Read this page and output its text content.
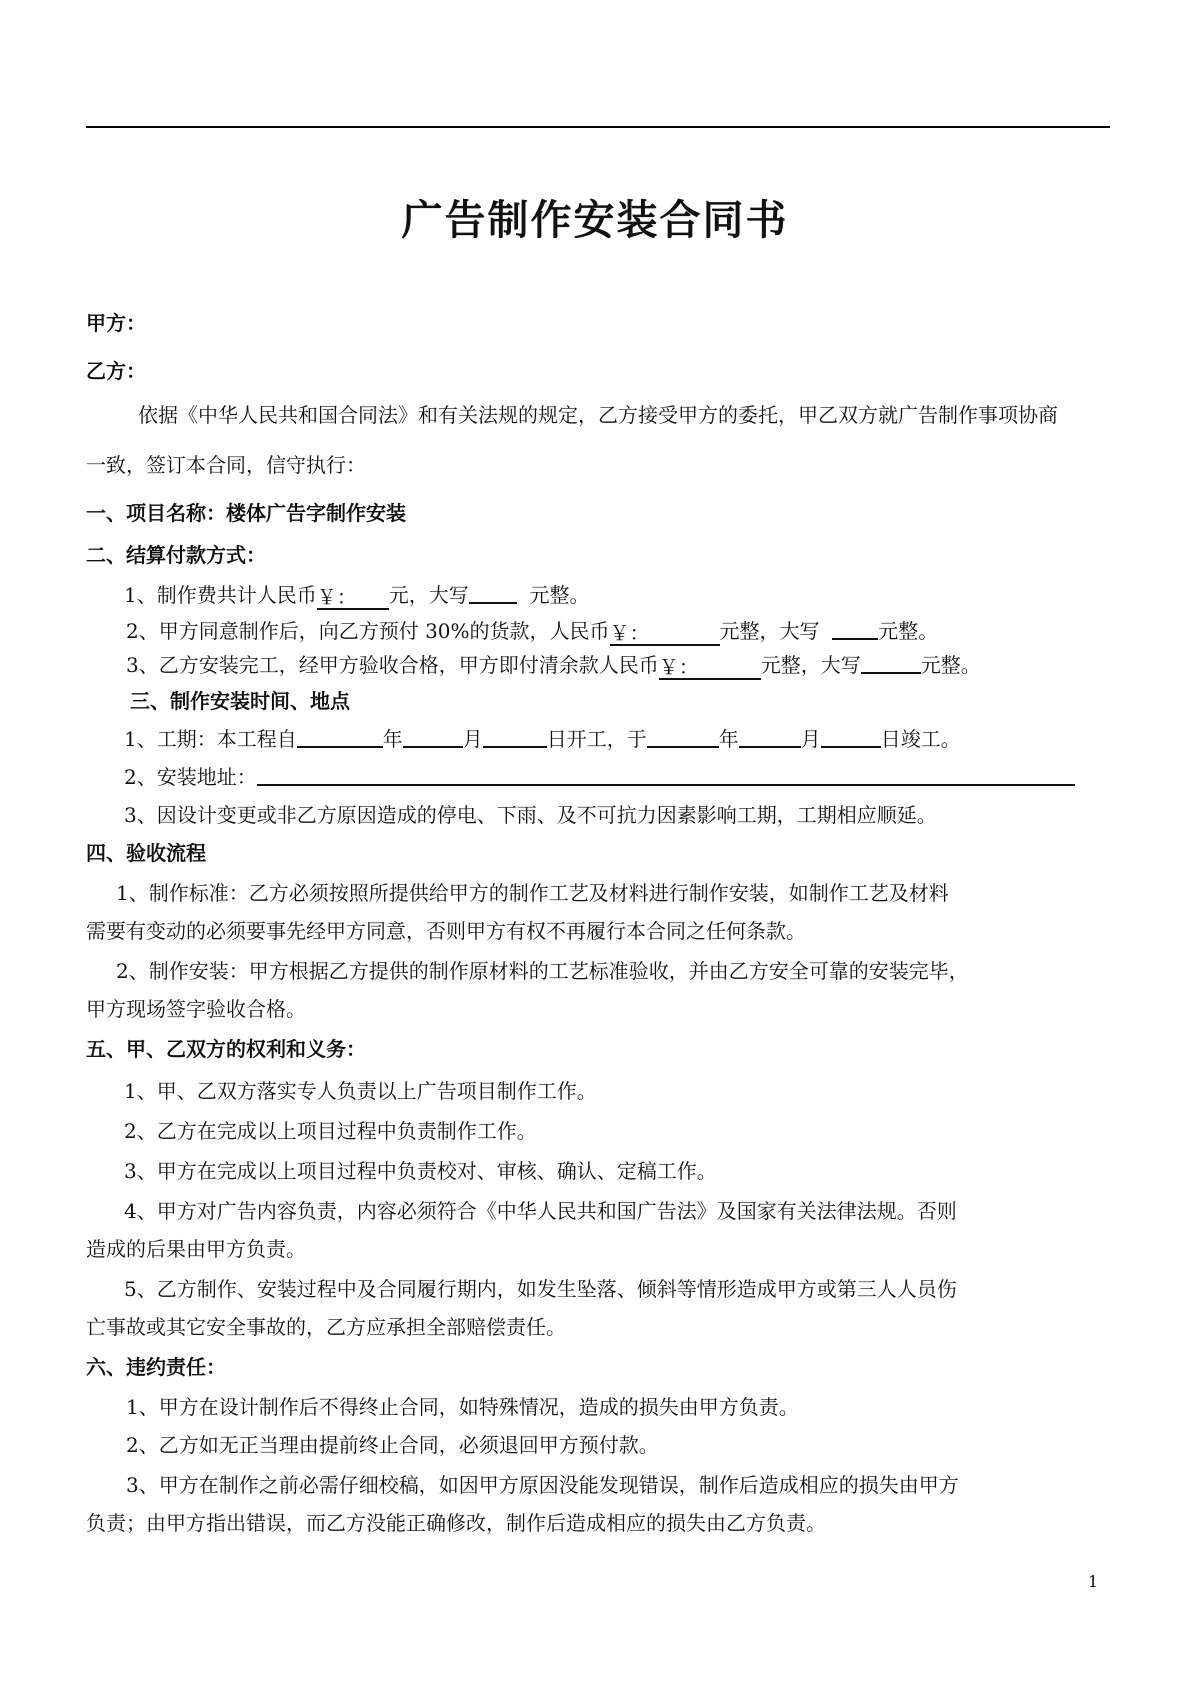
广告制作安装合同书
甲方：
乙方：
依据《中华人民共和国合同法》和有关法规的规定，乙方接受甲方的委托，甲乙双方就广告制作事项协商
一致，签订本合同，信守执行：
一、项目名称：楼体广告字制作安装
二、结算付款方式：
1、制作费共计人民币￥： 元，大写	元整。
2、甲方同意制作后，向乙方预付 30%的货款，人民币￥：	元整，大写	元整。
3、乙方安装完工，经甲方验收合格，甲方即付清余款人民币￥：	元整，大写	元整。
三、制作安装时间、地点
1、工期：本工程自	年	月	日开工，于	年	月	日竣工。
2、安装地址：
3、因设计变更或非乙方原因造成的停电、下雨、及不可抗力因素影响工期，工期相应顺延。
四、验收流程
1、制作标准：乙方必须按照所提供给甲方的制作工艺及材料进行制作安装，如制作工艺及材料
需要有变动的必须要事先经甲方同意，否则甲方有权不再履行本合同之任何条款。
2、制作安装：甲方根据乙方提供的制作原材料的工艺标准验收，并由乙方安全可靠的安装完毕，
甲方现场签字验收合格。
五、甲、乙双方的权利和义务：
1、甲、乙双方落实专人负责以上广告项目制作工作。
2、乙方在完成以上项目过程中负责制作工作。
3、甲方在完成以上项目过程中负责校对、审核、确认、定稿工作。
4、甲方对广告内容负责，内容必须符合《中华人民共和国广告法》及国家有关法律法规。否则
造成的后果由甲方负责。
5、乙方制作、安装过程中及合同履行期内，如发生坠落、倾斜等情形造成甲方或第三人人员伤
亡事故或其它安全事故的，乙方应承担全部赔偿责任。
六、违约责任：
1、甲方在设计制作后不得终止合同，如特殊情况，造成的损失由甲方负责。
2、乙方如无正当理由提前终止合同，必须退回甲方预付款。
3、甲方在制作之前必需仔细校稿，如因甲方原因没能发现错误，制作后造成相应的损失由甲方
负责；由甲方指出错误，而乙方没能正确修改，制作后造成相应的损失由乙方负责。
1
